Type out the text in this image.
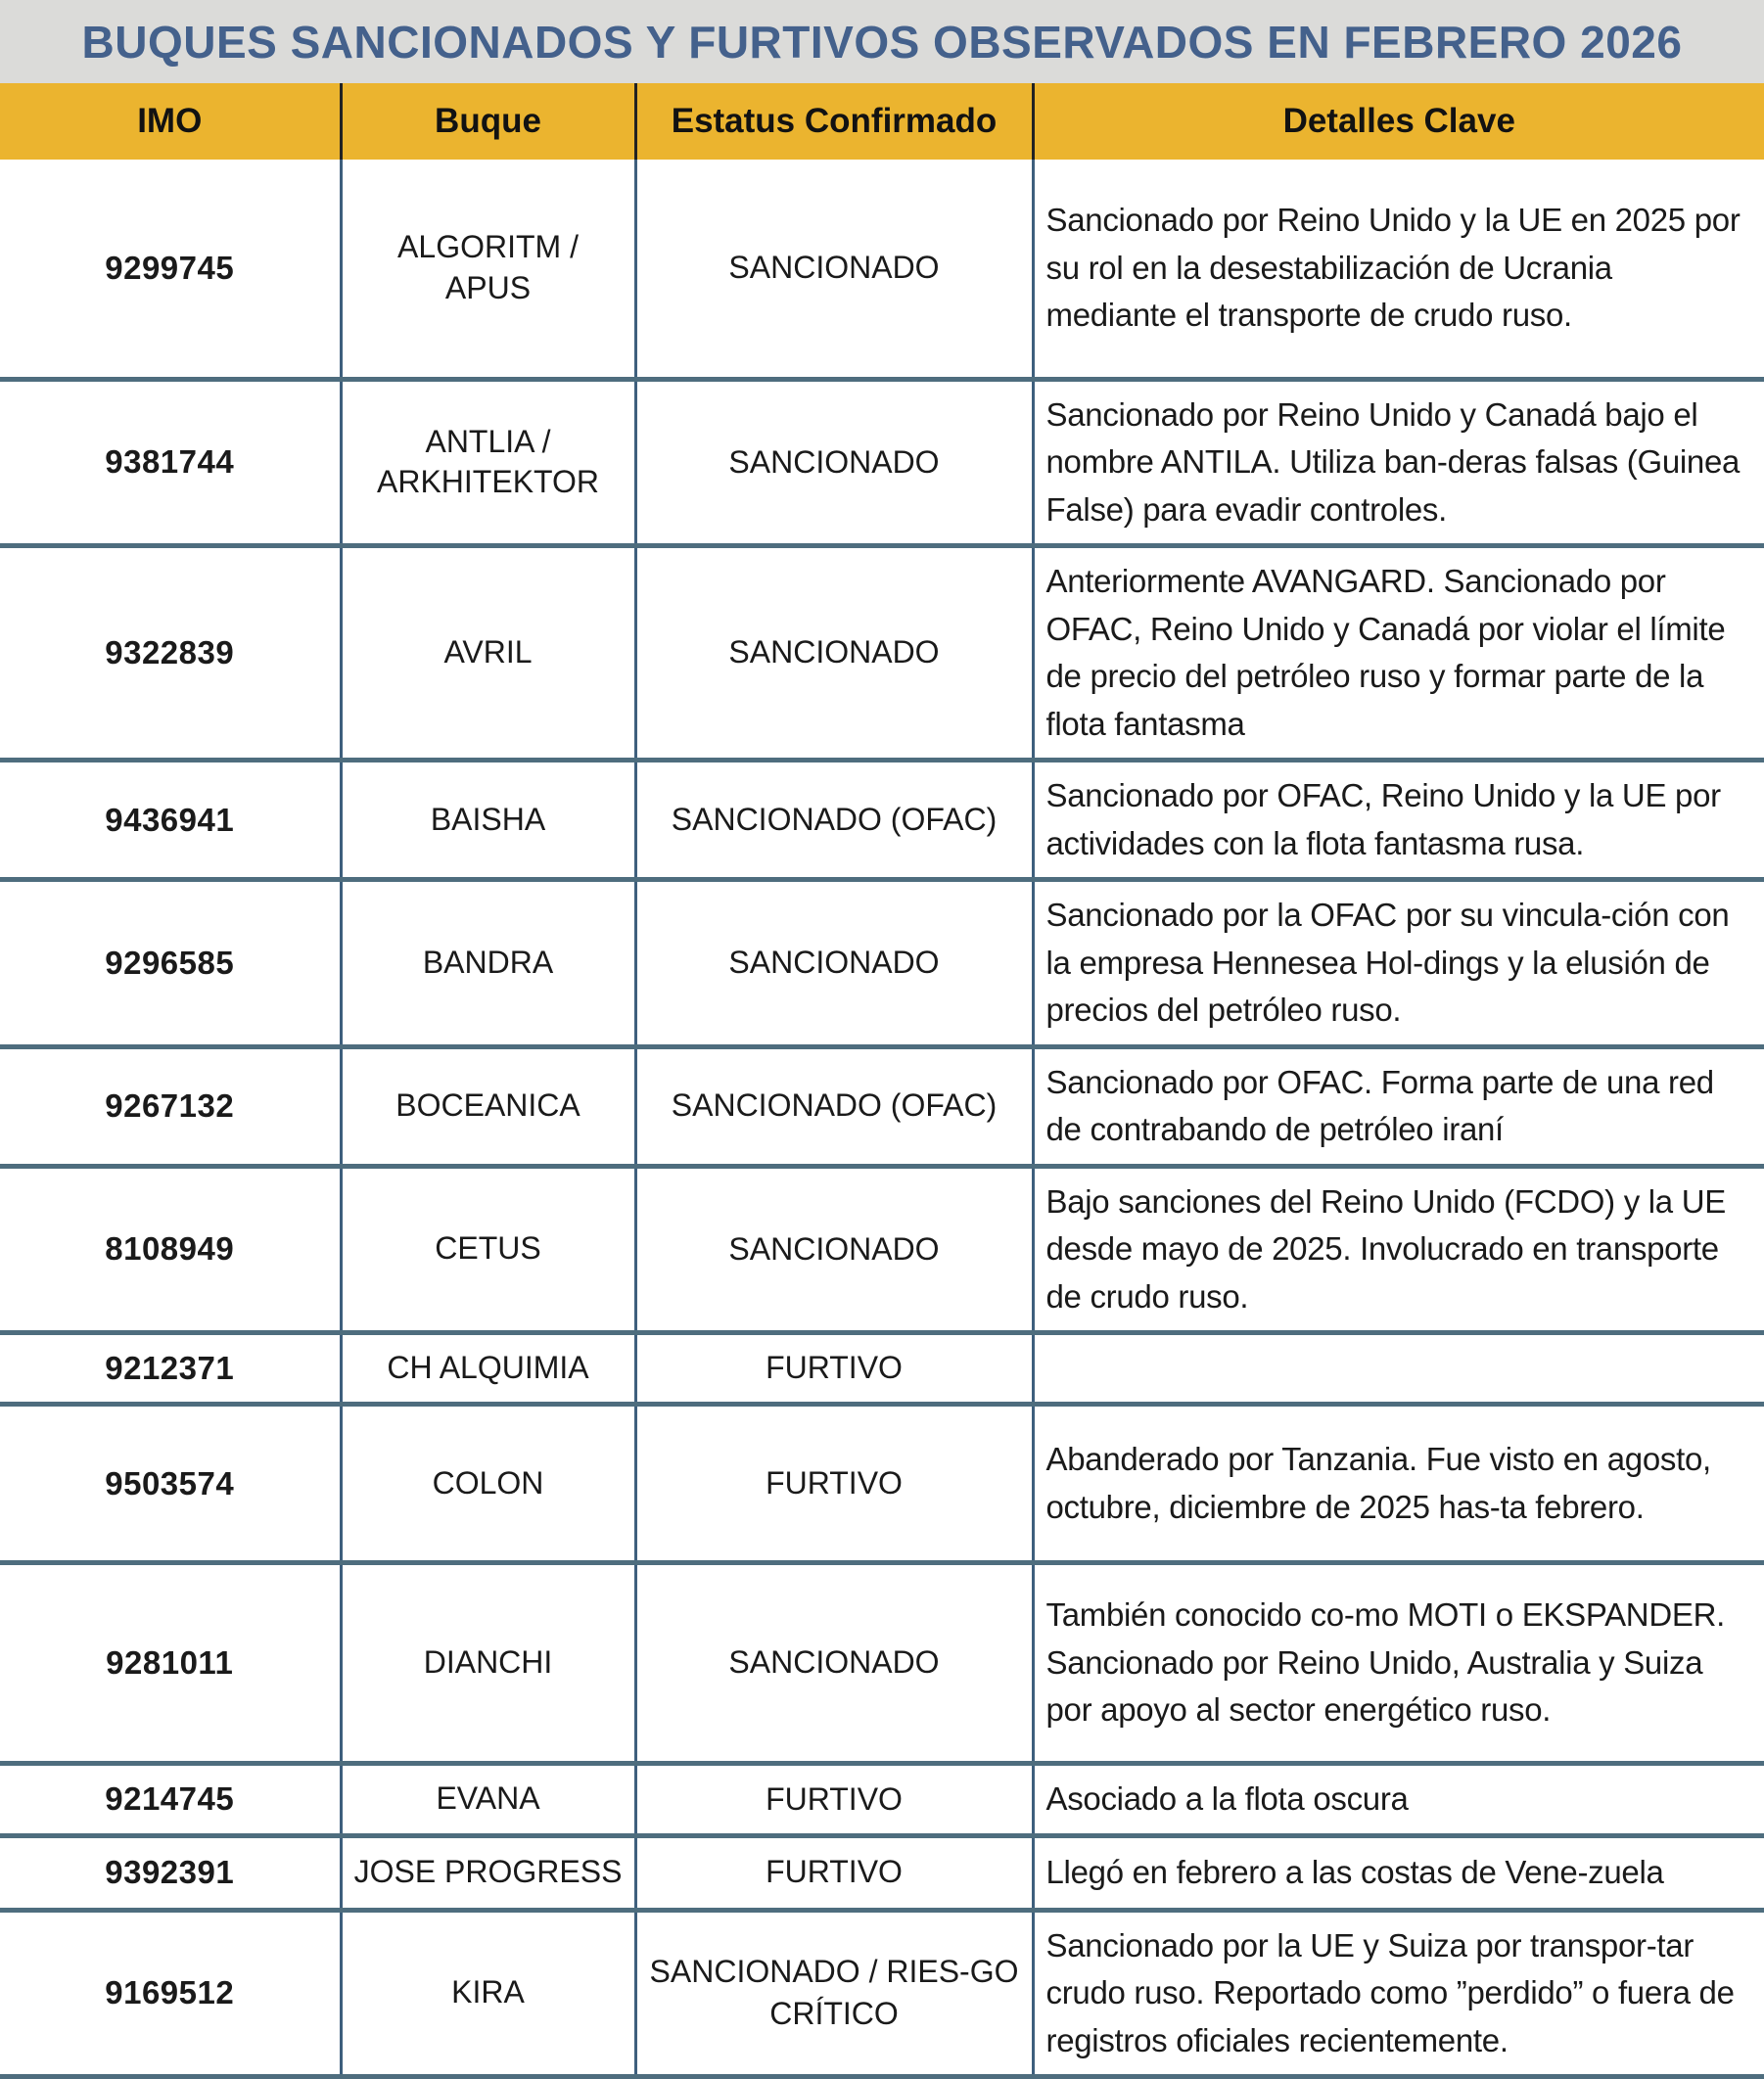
BUQUES SANCIONADOS Y FURTIVOS OBSERVADOS EN FEBRERO 2026
IMO	Buque	Estatus Confirmado	Detalles Clave
9299745	ALGORITM / APUS	SANCIONADO	Sancionado por Reino Unido y la UE en 2025 por su rol en la desestabilización de Ucrania mediante el transporte de crudo ruso.
9381744	ANTLIA / ARKHITEKTOR	SANCIONADO	Sancionado por Reino Unido y Canadá bajo el nombre ANTILA. Utiliza ban-deras falsas (Guinea False) para evadir controles.
9322839	AVRIL	SANCIONADO	Anteriormente AVANGARD. Sancionado por OFAC, Reino Unido y Canadá por violar el límite de precio del petróleo ruso y formar parte de la flota fantasma
9436941	BAISHA	SANCIONADO (OFAC)	Sancionado por OFAC, Reino Unido y la UE por actividades con la flota fantasma rusa.
9296585	BANDRA	SANCIONADO	Sancionado por la OFAC por su vincula-ción con la empresa Hennesea Hol-dings y la elusión de precios del petróleo ruso.
9267132	BOCEANICA	SANCIONADO (OFAC)	Sancionado por OFAC. Forma parte de una red de contrabando de petróleo iraní
8108949	CETUS	SANCIONADO	Bajo sanciones del Reino Unido (FCDO) y la UE desde mayo de 2025. Involucrado en transporte de crudo ruso.
9212371	CH ALQUIMIA	FURTIVO	
9503574	COLON	FURTIVO	Abanderado por Tanzania. Fue visto en agosto, octubre, diciembre de 2025 has-ta febrero.
9281011	DIANCHI	SANCIONADO	También conocido co-mo MOTI o EKSPANDER. Sancionado por Reino Unido, Australia y Suiza por apoyo al sector energético ruso.
9214745	EVANA	FURTIVO	Asociado a la flota oscura
9392391	JOSE PROGRESS	FURTIVO	Llegó en febrero a las costas de Vene-zuela
9169512	KIRA	SANCIONADO / RIES-GO CRÍTICO	Sancionado por la UE y Suiza por transpor-tar crudo ruso. Reportado como ”perdido” o fuera de registros oficiales recientemente.
